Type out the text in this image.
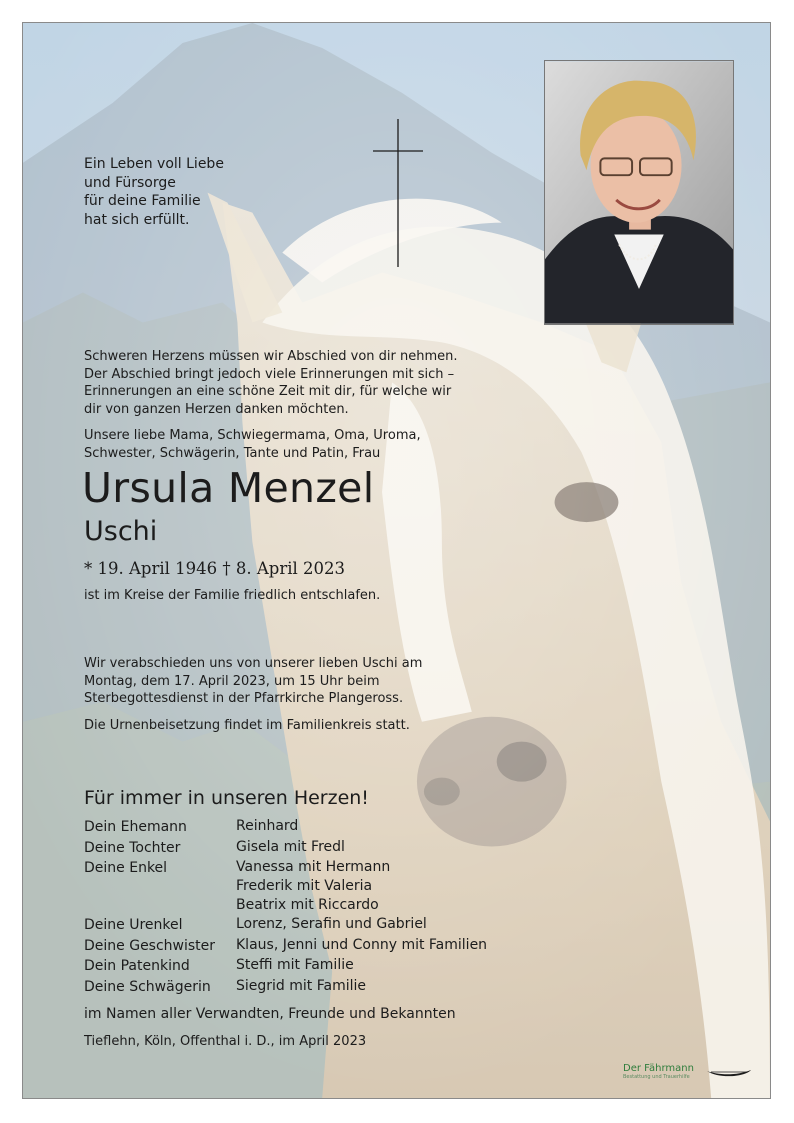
Ein Leben voll Liebe
und Fürsorge
für deine Familie
hat sich erfüllt.
Schweren Herzens müssen wir Abschied von dir nehmen.
Der Abschied bringt jedoch viele Erinnerungen mit sich –
Erinnerungen an eine schöne Zeit mit dir, für welche wir
dir von ganzen Herzen danken möchten.
Unsere liebe Mama, Schwiegermama, Oma, Uroma,
Schwester, Schwägerin, Tante und Patin, Frau
Ursula Menzel
Uschi
* 19. April 1946 † 8. April 2023
ist im Kreise der Familie friedlich entschlafen.
Wir verabschieden uns von unserer lieben Uschi am
Montag, dem 17. April 2023, um 15 Uhr beim
Sterbegottesdienst in der Pfarrkirche Plangeross.
Die Urnenbeisetzung findet im Familienkreis statt.
Für immer in unseren Herzen!
Dein Ehemann	Reinhard
Deine Tochter	Gisela mit Fredl
Deine Enkel	Vanessa mit Hermann
Frederik mit Valeria
Beatrix mit Riccardo
Deine Urenkel	Lorenz, Serafin und Gabriel
Deine Geschwister	Klaus, Jenni und Conny mit Familien
Dein Patenkind	Steffi mit Familie
Deine Schwägerin	Siegrid mit Familie
im Namen aller Verwandten, Freunde und Bekannten
Tieflehn, Köln, Offenthal i. D., im April 2023
Der Fährmann
Bestattung und Trauerhilfe
